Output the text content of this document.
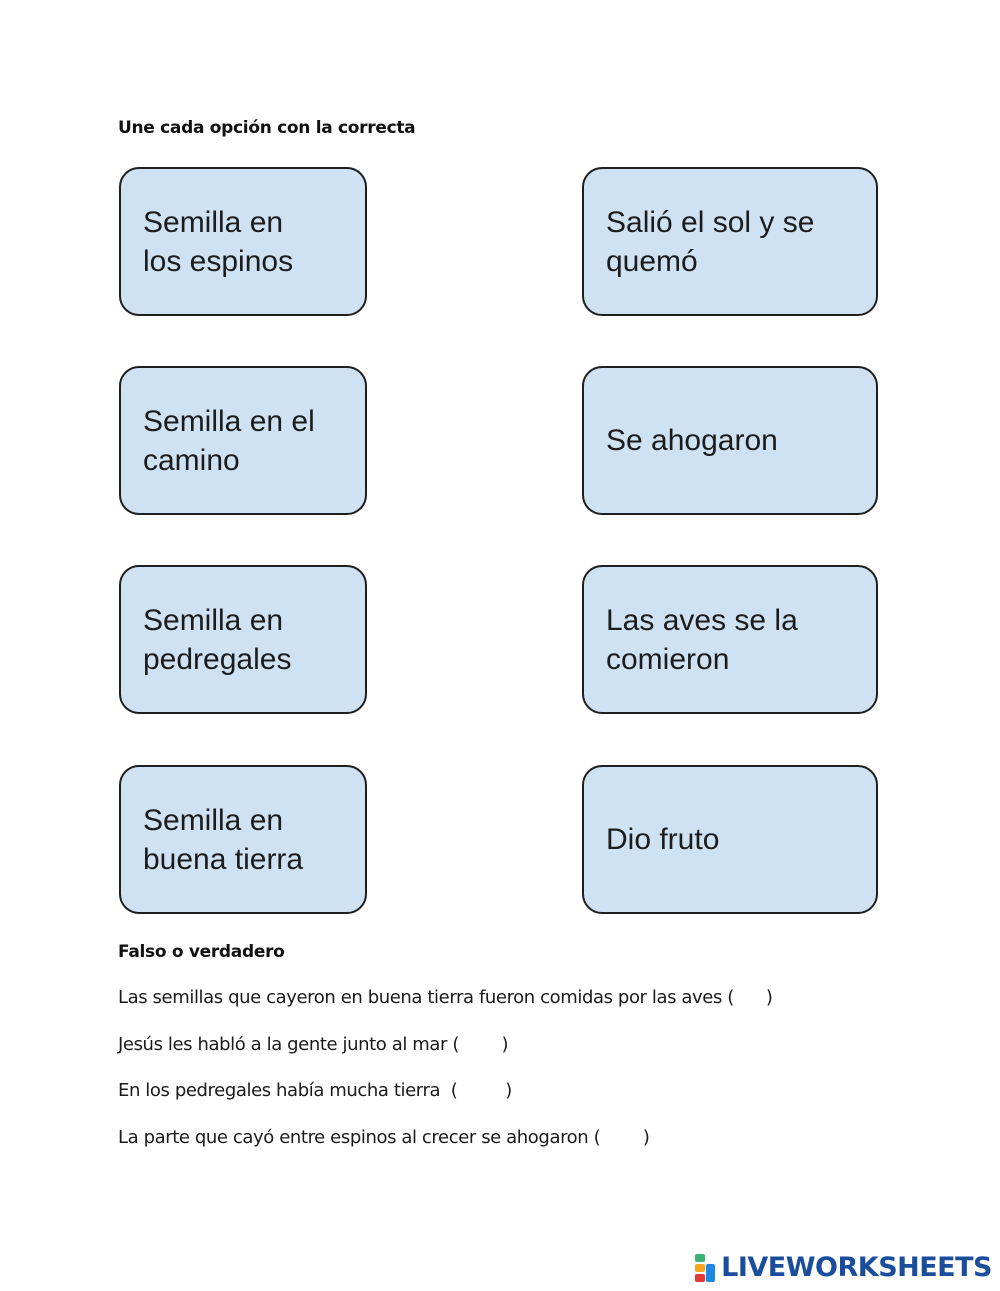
Une cada opción con la correcta
Semilla en
los espinos
Semilla en el
camino
Semilla en
pedregales
Semilla en
buena tierra
Salió el sol y se
quemó
Se ahogaron
Las aves se la
comieron
Dio fruto
Falso o verdadero
Las semillas que cayeron en buena tierra fueron comidas por las aves (      )
Jesús les habló a la gente junto al mar (        )
En los pedregales había mucha tierra  (         )
La parte que cayó entre espinos al crecer se ahogaron (        )
LIVEWORKSHEETS
